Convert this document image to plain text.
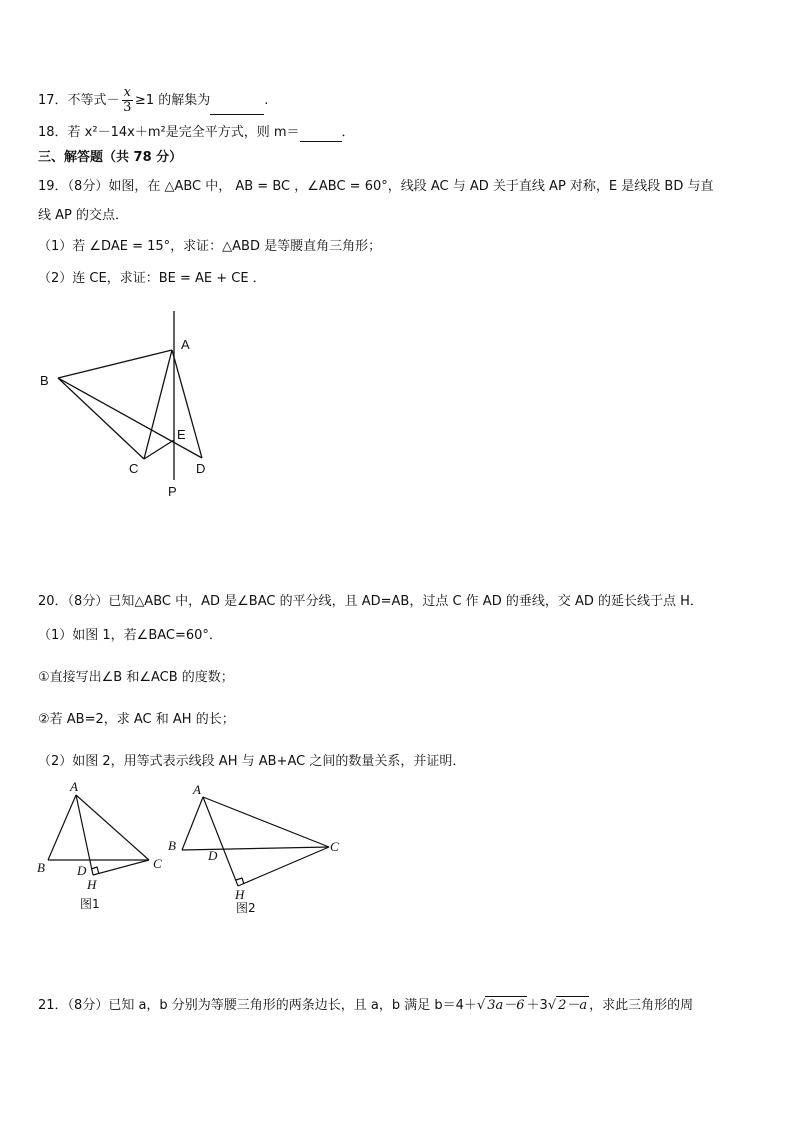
17．不等式－ $\frac{x}{3} \ge 1$ 的解集为	.
18．若 x²－14x＋m²是完全平方式，则 m＝	．
三、解答题（共 78 分）
19．（8分）如图，在 △ABC 中， AB = BC ，∠ABC = 60°，线段 AC 与 AD 关于直线 AP 对称，E 是线段 BD 与直
线 AP 的交点．
（1）若 ∠DAE = 15°，求证：△ABD 是等腰直角三角形；
（2）连 CE，求证：BE = AE + CE ．
A
B
C	D
E
P
20．（8分）已知△ABC 中，AD 是∠BAC 的平分线，且 AD=AB，过点 C 作 AD 的垂线，交 AD 的延长线于点 H．
（1）如图 1，若∠BAC=60°．
①直接写出∠B 和∠ACB 的度数；
②若 AB=2，求 AC 和 AH 的长；
（2）如图 2，用等式表示线段 AH 与 AB+AC 之间的数量关系，并证明．
A
B	C
D
H
图1
A
B	C
D
H
图2
21．（8分）已知 a，b 分别为等腰三角形的两条边长，且 a，b 满足 b＝4＋√ 3a－6 ＋3√ 2－a ，求此三角形的周
